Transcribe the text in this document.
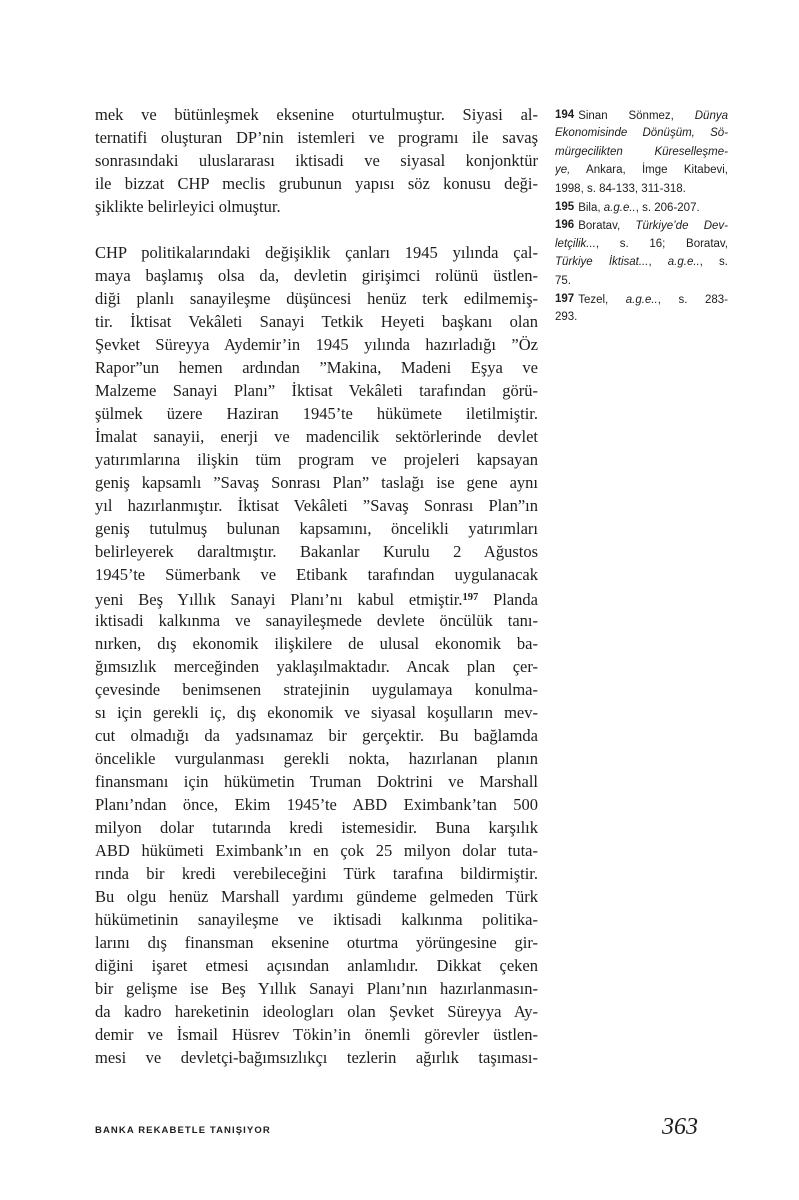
mek ve bütünleşmek eksenine oturtulmuştur. Siyasi al-
ternatifi oluşturan DP’nin istemleri ve programı ile savaş
sonrasındaki uluslararası iktisadi ve siyasal konjonktür
ile bizzat CHP meclis grubunun yapısı söz konusu deği-
şiklikte belirleyici olmuştur.
CHP politikalarındaki değişiklik çanları 1945 yılında çal-
maya başlamış olsa da, devletin girişimci rolünü üstlen-
diği planlı sanayileşme düşüncesi henüz terk edilmemiş-
tir. İktisat Vekâleti Sanayi Tetkik Heyeti başkanı olan
Şevket Süreyya Aydemir’in 1945 yılında hazırladığı ”Öz
Rapor”un hemen ardından ”Makina, Madeni Eşya ve
Malzeme Sanayi Planı” İktisat Vekâleti tarafından görü-
şülmek üzere Haziran 1945’te hükümete iletilmiştir.
İmalat sanayii, enerji ve madencilik sektörlerinde devlet
yatırımlarına ilişkin tüm program ve projeleri kapsayan
geniş kapsamlı ”Savaş Sonrası Plan” taslağı ise gene aynı
yıl hazırlanmıştır. İktisat Vekâleti ”Savaş Sonrası Plan”ın
geniş tutulmuş bulunan kapsamını, öncelikli yatırımları
belirleyerek daraltmıştır. Bakanlar Kurulu 2 Ağustos
1945’te Sümerbank ve Etibank tarafından uygulanacak
yeni Beş Yıllık Sanayi Planı’nı kabul etmiştir.$^{197}$ Planda
iktisadi kalkınma ve sanayileşmede devlete öncülük tanı-
nırken, dış ekonomik ilişkilere de ulusal ekonomik ba-
ğımsızlık merceğinden yaklaşılmaktadır. Ancak plan çer-
çevesinde benimsenen stratejinin uygulamaya konulma-
sı için gerekli iç, dış ekonomik ve siyasal koşulların mev-
cut olmadığı da yadsınamaz bir gerçektir. Bu bağlamda
öncelikle vurgulanması gerekli nokta, hazırlanan planın
finansmanı için hükümetin Truman Doktrini ve Marshall
Planı’ndan önce, Ekim 1945’te ABD Eximbank’tan 500
milyon dolar tutarında kredi istemesidir. Buna karşılık
ABD hükümeti Eximbank’ın en çok 25 milyon dolar tuta-
rında bir kredi verebileceğini Türk tarafına bildirmiştir.
Bu olgu henüz Marshall yardımı gündeme gelmeden Türk
hükümetinin sanayileşme ve iktisadi kalkınma politika-
larını dış finansman eksenine oturtma yörüngesine gir-
diğini işaret etmesi açısından anlamlıdır. Dikkat çeken
bir gelişme ise Beş Yıllık Sanayi Planı’nın hazırlanmasın-
da kadro hareketinin ideologları olan Şevket Süreyya Ay-
demir ve İsmail Hüsrev Tökin’in önemli görevler üstlen-
mesi ve devletçi-bağımsızlıkçı tezlerin ağırlık taşıması-
194 Sinan Sönmez, Dünya
Ekonomisinde Dönüşüm, Sö-
mürgecilikten Küreselleşme-
ye, Ankara, İmge Kitabevi,
1998, s. 84-133, 311-318.
195 Bila, a.g.e.., s. 206-207.
196 Boratav, Türkiye’de Dev-
letçilik..., s. 16; Boratav,
Türkiye İktisat..., a.g.e.., s.
75.
197 Tezel, a.g.e.., s. 283-
293.
BANKA REKABETLE TANIŞIYOR	363
